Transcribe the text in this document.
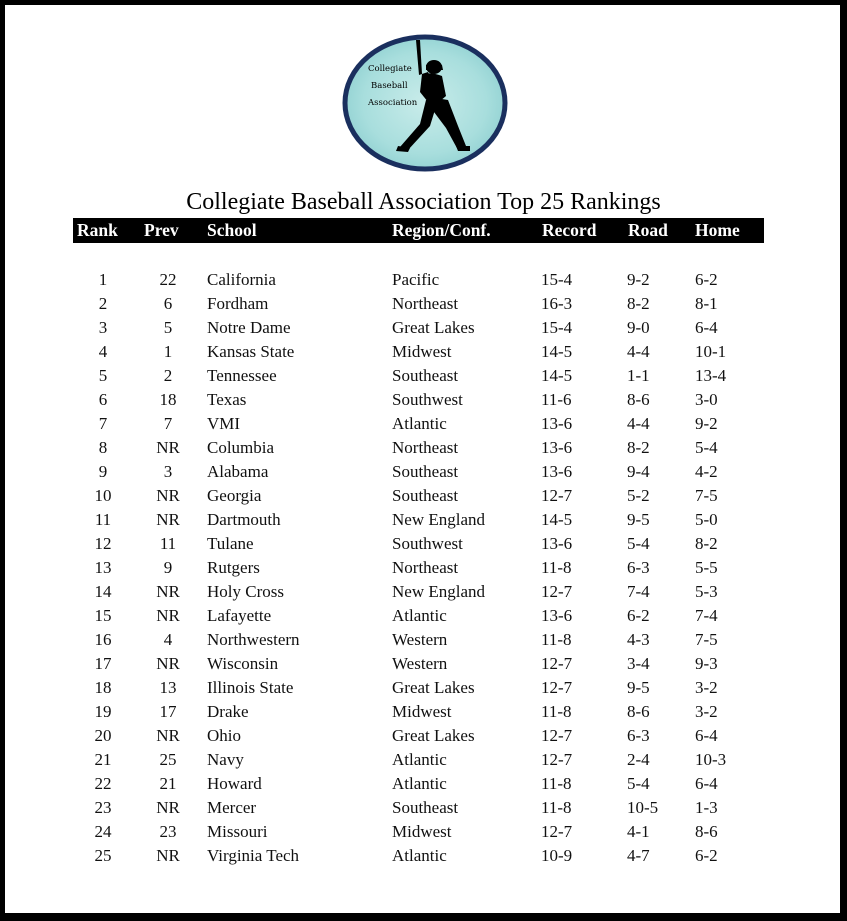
Collegiate
Baseball
Association
Collegiate Baseball Association Top 25 Rankings
Rank Prev School	Region/Conf.	Record Road Home
1	22	California	Pacific	15-4	9-2	6-2
2	6	Fordham	Northeast	16-3	8-2	8-1
3	5	Notre Dame	Great Lakes	15-4	9-0	6-4
4	1	Kansas State	Midwest	14-5	4-4	10-1
5	2	Tennessee	Southeast	14-5	1-1	13-4
6	18	Texas	Southwest	11-6	8-6	3-0
7	7	VMI	Atlantic	13-6	4-4	9-2
8	NR	Columbia	Northeast	13-6	8-2	5-4
9	3	Alabama	Southeast	13-6	9-4	4-2
10	NR	Georgia	Southeast	12-7	5-2	7-5
11	NR	Dartmouth	New England	14-5	9-5	5-0
12	11	Tulane	Southwest	13-6	5-4	8-2
13	9	Rutgers	Northeast	11-8	6-3	5-5
14	NR	Holy Cross	New England	12-7	7-4	5-3
15	NR	Lafayette	Atlantic	13-6	6-2	7-4
16	4	Northwestern	Western	11-8	4-3	7-5
17	NR	Wisconsin	Western	12-7	3-4	9-3
18	13	Illinois State	Great Lakes	12-7	9-5	3-2
19	17	Drake	Midwest	11-8	8-6	3-2
20	NR	Ohio	Great Lakes	12-7	6-3	6-4
21	25	Navy	Atlantic	12-7	2-4	10-3
22	21	Howard	Atlantic	11-8	5-4	6-4
23	NR	Mercer	Southeast	11-8	10-5 1-3
24	23	Missouri	Midwest	12-7	4-1	8-6
25	NR	Virginia Tech	Atlantic	10-9	4-7	6-2
